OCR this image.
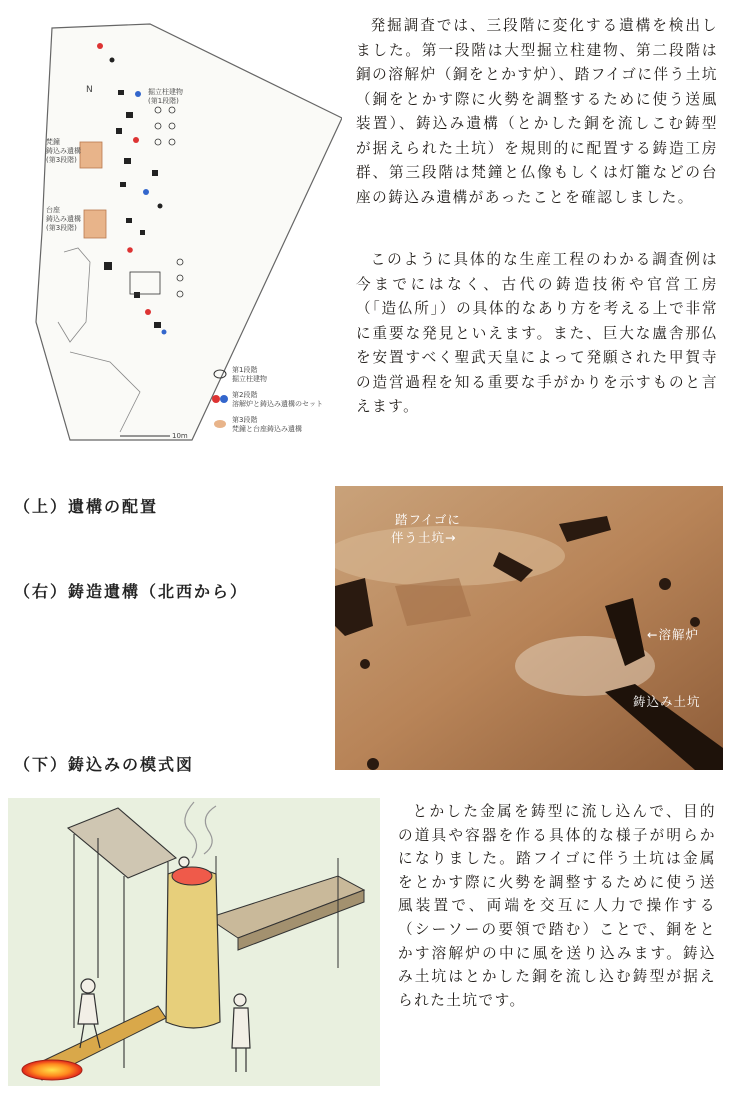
掘立柱建物(第1段階)
梵鐘鋳込み遺構(第3段階)
台座鋳込み遺構(第3段階)
N
10m
第1段階掘立柱建物
第2段階溶解炉と鋳込み遺構のセット
第3段階梵鐘と台座鋳込み遺構

発掘調査では、三段階に変化する遺構を検出しました。第一段階は大型掘立柱建物、第二段階は銅の溶解炉（銅をとかす炉）、踏フイゴに伴う土坑（銅をとかす際に火勢を調整するために使う送風装置）、鋳込み遺構（とかした銅を流しこむ鋳型が据えられた土坑）を規則的に配置する鋳造工房群、第三段階は梵鐘と仏像もしくは灯籠などの台座の鋳込み遺構があったことを確認しました。

このように具体的な生産工程のわかる調査例は今までにはなく、古代の鋳造技術や官営工房（「造仏所」）の具体的なあり方を考える上で非常に重要な発見といえます。また、巨大な盧舎那仏を安置すべく聖武天皇によって発願された甲賀寺の造営過程を知る重要な手がかりを示すものと言えます。

（上）遺構の配置

（右）鋳造遺構（北西から）

（下）鋳込みの模式図

踏フイゴに
伴う土坑→
←溶解炉
鋳込み土坑

とかした金属を鋳型に流し込んで、目的の道具や容器を作る具体的な様子が明らかになりました。踏フイゴに伴う土坑は金属をとかす際に火勢を調整するために使う送風装置で、両端を交互に人力で操作する（シーソーの要領で踏む）ことで、銅をとかす溶解炉の中に風を送り込みます。鋳込み土坑はとかした銅を流し込む鋳型が据えられた土坑です。
